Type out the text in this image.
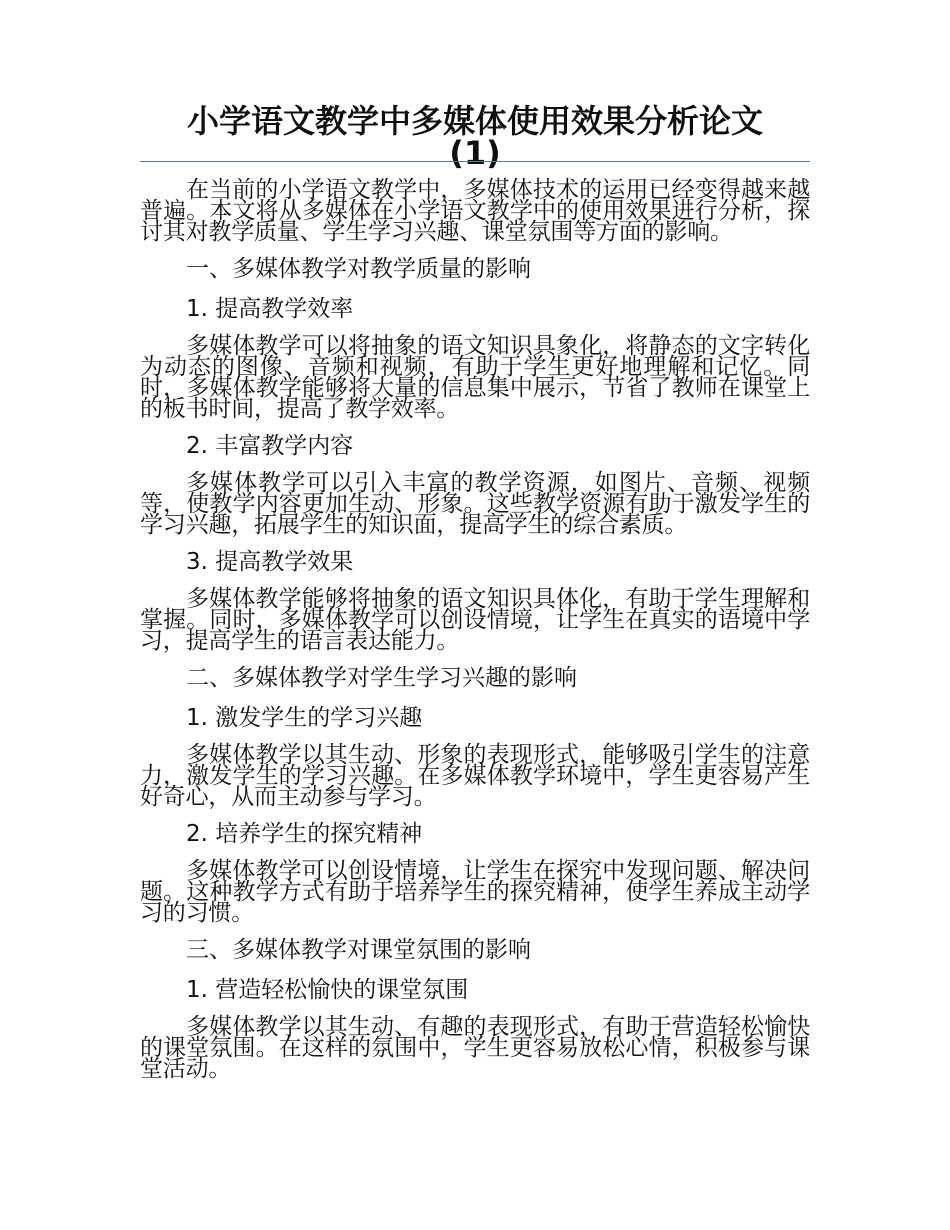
小学语文教学中多媒体使用效果分析论文
(1)

在当前的小学语文教学中，多媒体技术的运用已经变得越来越普遍。本文将从多媒体在小学语文教学中的使用效果进行分析，探讨其对教学质量、学生学习兴趣、课堂氛围等方面的影响。

一、多媒体教学对教学质量的影响

1. 提高教学效率

多媒体教学可以将抽象的语文知识具象化，将静态的文字转化为动态的图像、音频和视频，有助于学生更好地理解和记忆。同时，多媒体教学能够将大量的信息集中展示，节省了教师在课堂上的板书时间，提高了教学效率。

2. 丰富教学内容

多媒体教学可以引入丰富的教学资源，如图片、音频、视频等，使教学内容更加生动、形象。这些教学资源有助于激发学生的学习兴趣，拓展学生的知识面，提高学生的综合素质。

3. 提高教学效果

多媒体教学能够将抽象的语文知识具体化，有助于学生理解和掌握。同时，多媒体教学可以创设情境，让学生在真实的语境中学习，提高学生的语言表达能力。

二、多媒体教学对学生学习兴趣的影响

1. 激发学生的学习兴趣

多媒体教学以其生动、形象的表现形式，能够吸引学生的注意力，激发学生的学习兴趣。在多媒体教学环境中，学生更容易产生好奇心，从而主动参与学习。

2. 培养学生的探究精神

多媒体教学可以创设情境，让学生在探究中发现问题、解决问题。这种教学方式有助于培养学生的探究精神，使学生养成主动学习的习惯。

三、多媒体教学对课堂氛围的影响

1. 营造轻松愉快的课堂氛围

多媒体教学以其生动、有趣的表现形式，有助于营造轻松愉快的课堂氛围。在这样的氛围中，学生更容易放松心情，积极参与课堂活动。
